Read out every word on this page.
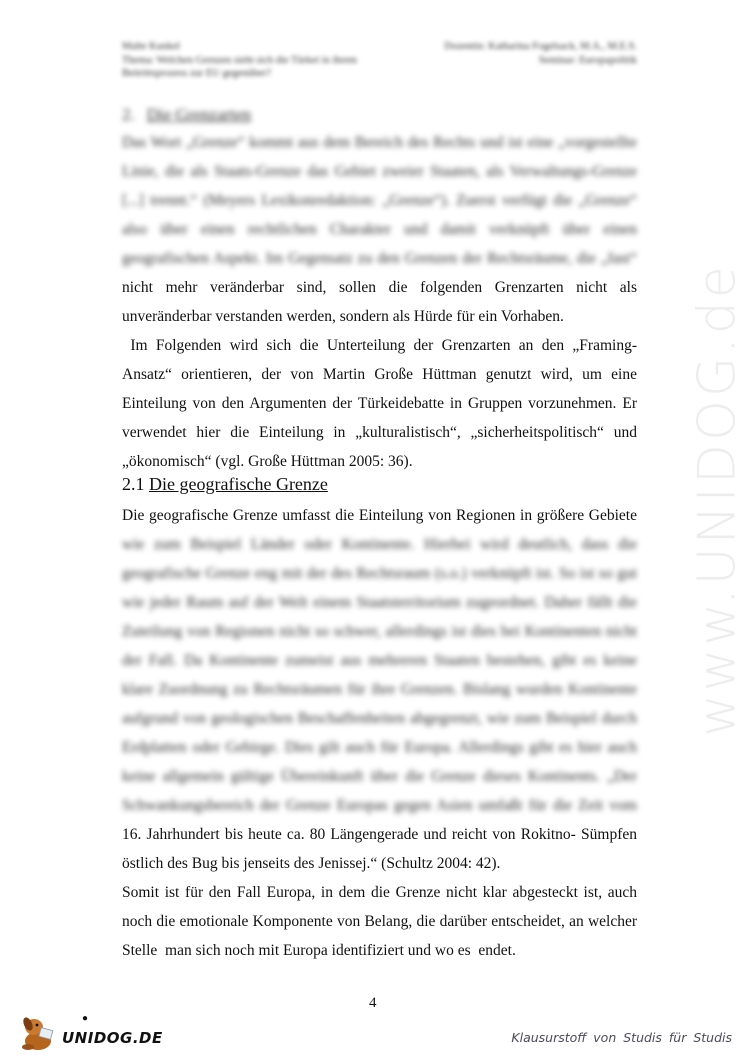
www.UNIDOG.de
Malte Kunkel	Dozentin: Katharina Fogelsack, M.A., M.E.S.
Thema: Welchen Grenzen sieht sich die Türkei in ihrem	Seminar: Europapolitik
Beitrittsprozess zur EU gegenüber?
2. Die Grenzarten
Das Wort „Grenze“ kommt aus dem Bereich des Rechts und ist eine „vorgestellte
Linie, die als Staats-Grenze das Gebiet zweier Staaten, als Verwaltungs-Grenze
[...] trennt.“ (Meyers Lexikonredaktion: „Grenze“). Zuerst verfügt die „Grenze“
also über einen rechtlichen Charakter und damit verknüpft über einen
geografischen Aspekt. Im Gegensatz zu den Grenzen der Rechtsräume, die „fast“
nicht mehr veränderbar sind, sollen die folgenden Grenzarten nicht als
unveränderbar verstanden werden, sondern als Hürde für ein Vorhaben.
Im Folgenden wird sich die Unterteilung der Grenzarten an den „Framing-
Ansatz“ orientieren, der von Martin Große Hüttman genutzt wird, um eine
Einteilung von den Argumenten der Türkeidebatte in Gruppen vorzunehmen. Er
verwendet hier die Einteilung in „kulturalistisch“, „sicherheitspolitisch“ und
„ökonomisch“ (vgl. Große Hüttman 2005: 36).
2.1 Die geografische Grenze
Die geografische Grenze umfasst die Einteilung von Regionen in größere Gebiete
wie zum Beispiel Länder oder Kontinente. Hierbei wird deutlich, dass die
geografische Grenze eng mit der des Rechtsraum (s.o.) verknüpft ist. So ist so gut
wie jeder Raum auf der Welt einem Staatsterritorium zugeordnet. Daher fällt die
Zuteilung von Regionen nicht so schwer, allerdings ist dies bei Kontinenten nicht
der Fall. Da Kontinente zumeist aus mehreren Staaten bestehen, gibt es keine
klare Zuordnung zu Rechtsräumen für ihre Grenzen. Bislang wurden Kontinente
aufgrund von geologischen Beschaffenheiten abgegrenzt, wie zum Beispiel durch
Erdplatten oder Gebirge. Dies gilt auch für Europa. Allerdings gibt es hier auch
keine allgemein gültige Übereinkunft über die Grenze dieses Kontinents. „Der
Schwankungsbereich der Grenze Europas gegen Asien umfaßt für die Zeit vom
16. Jahrhundert bis heute ca. 80 Längengerade und reicht von Rokitno- Sümpfen
östlich des Bug bis jenseits des Jenissej.“ (Schultz 2004: 42).
Somit ist für den Fall Europa, in dem die Grenze nicht klar abgesteckt ist, auch
noch die emotionale Komponente von Belang, die darüber entscheidet, an welcher
Stelle  man sich noch mit Europa identifiziert und wo es  endet.
4
●
UNIDOG.DE	Klausurstoff von Studis für Studis
